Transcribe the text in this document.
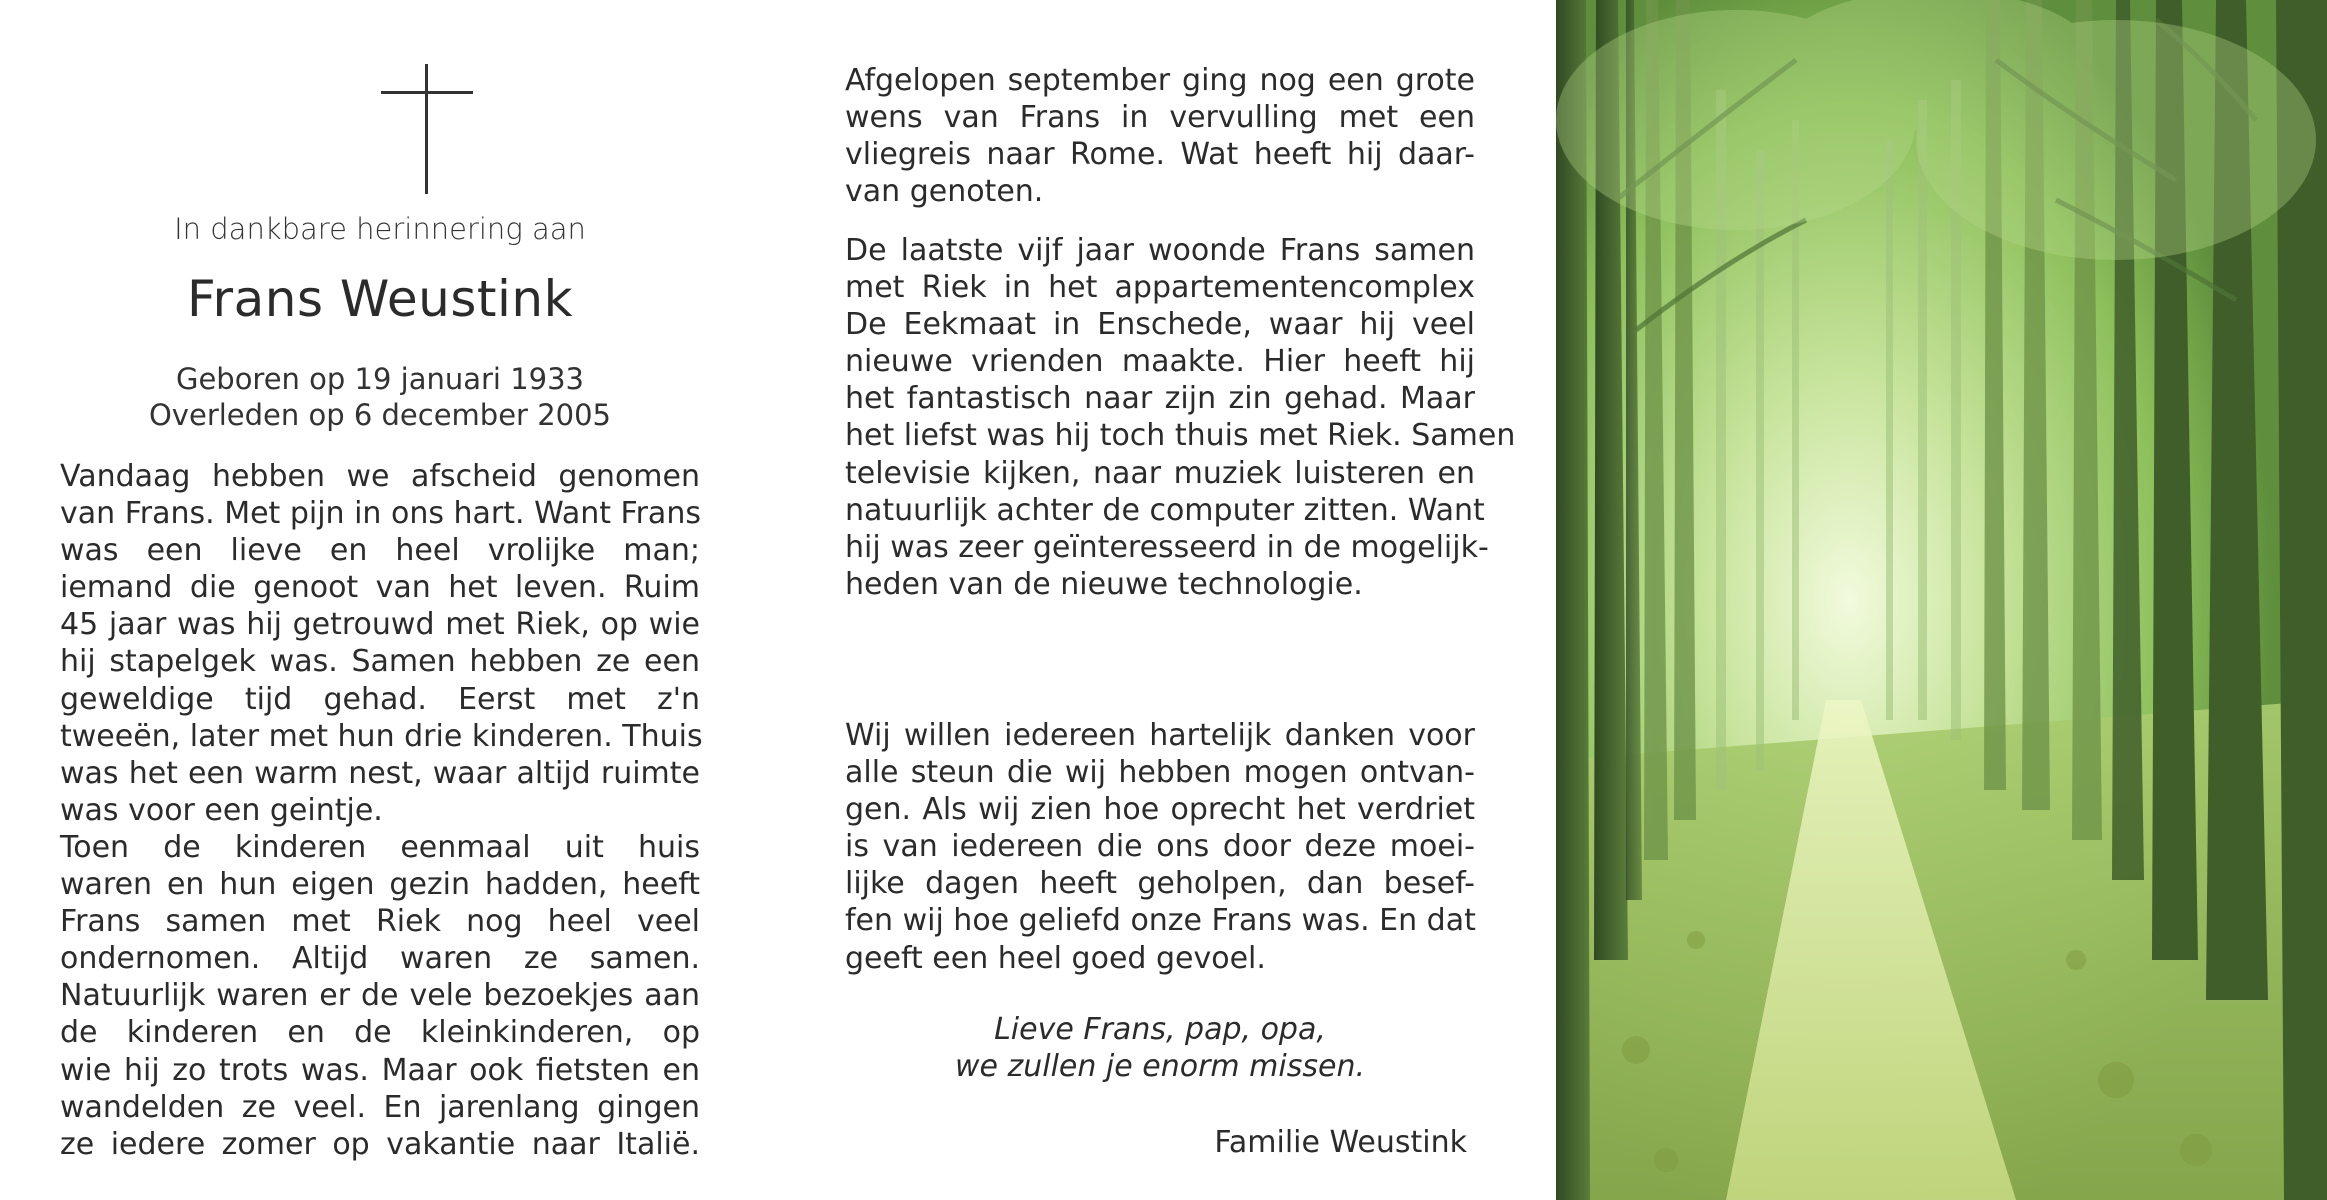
In dankbare herinnering aan
Frans Weustink
Geboren op 19 januari 1933
Overleden op 6 december 2005
Vandaag hebben we afscheid genomen
van Frans. Met pijn in ons hart. Want Frans
was een lieve en heel vrolijke man;
iemand die genoot van het leven. Ruim
45 jaar was hij getrouwd met Riek, op wie
hij stapelgek was. Samen hebben ze een
geweldige tijd gehad. Eerst met z'n
tweeën, later met hun drie kinderen. Thuis
was het een warm nest, waar altijd ruimte
was voor een geintje.
Toen de kinderen eenmaal uit huis
waren en hun eigen gezin hadden, heeft
Frans samen met Riek nog heel veel
ondernomen. Altijd waren ze samen.
Natuurlijk waren er de vele bezoekjes aan
de kinderen en de kleinkinderen, op
wie hij zo trots was. Maar ook fietsten en
wandelden ze veel. En jarenlang gingen
ze iedere zomer op vakantie naar Italië.
Afgelopen september ging nog een grote
wens van Frans in vervulling met een
vliegreis naar Rome. Wat heeft hij daar-
van genoten.
De laatste vijf jaar woonde Frans samen
met Riek in het appartementencomplex
De Eekmaat in Enschede, waar hij veel
nieuwe vrienden maakte. Hier heeft hij
het fantastisch naar zijn zin gehad. Maar
het liefst was hij toch thuis met Riek. Samen
televisie kijken, naar muziek luisteren en
natuurlijk achter de computer zitten. Want
hij was zeer geïnteresseerd in de mogelijk-
heden van de nieuwe technologie.
Wij willen iedereen hartelijk danken voor
alle steun die wij hebben mogen ontvan-
gen. Als wij zien hoe oprecht het verdriet
is van iedereen die ons door deze moei-
lijke dagen heeft geholpen, dan besef-
fen wij hoe geliefd onze Frans was. En dat
geeft een heel goed gevoel.
Lieve Frans, pap, opa,
we zullen je enorm missen.
Familie Weustink
